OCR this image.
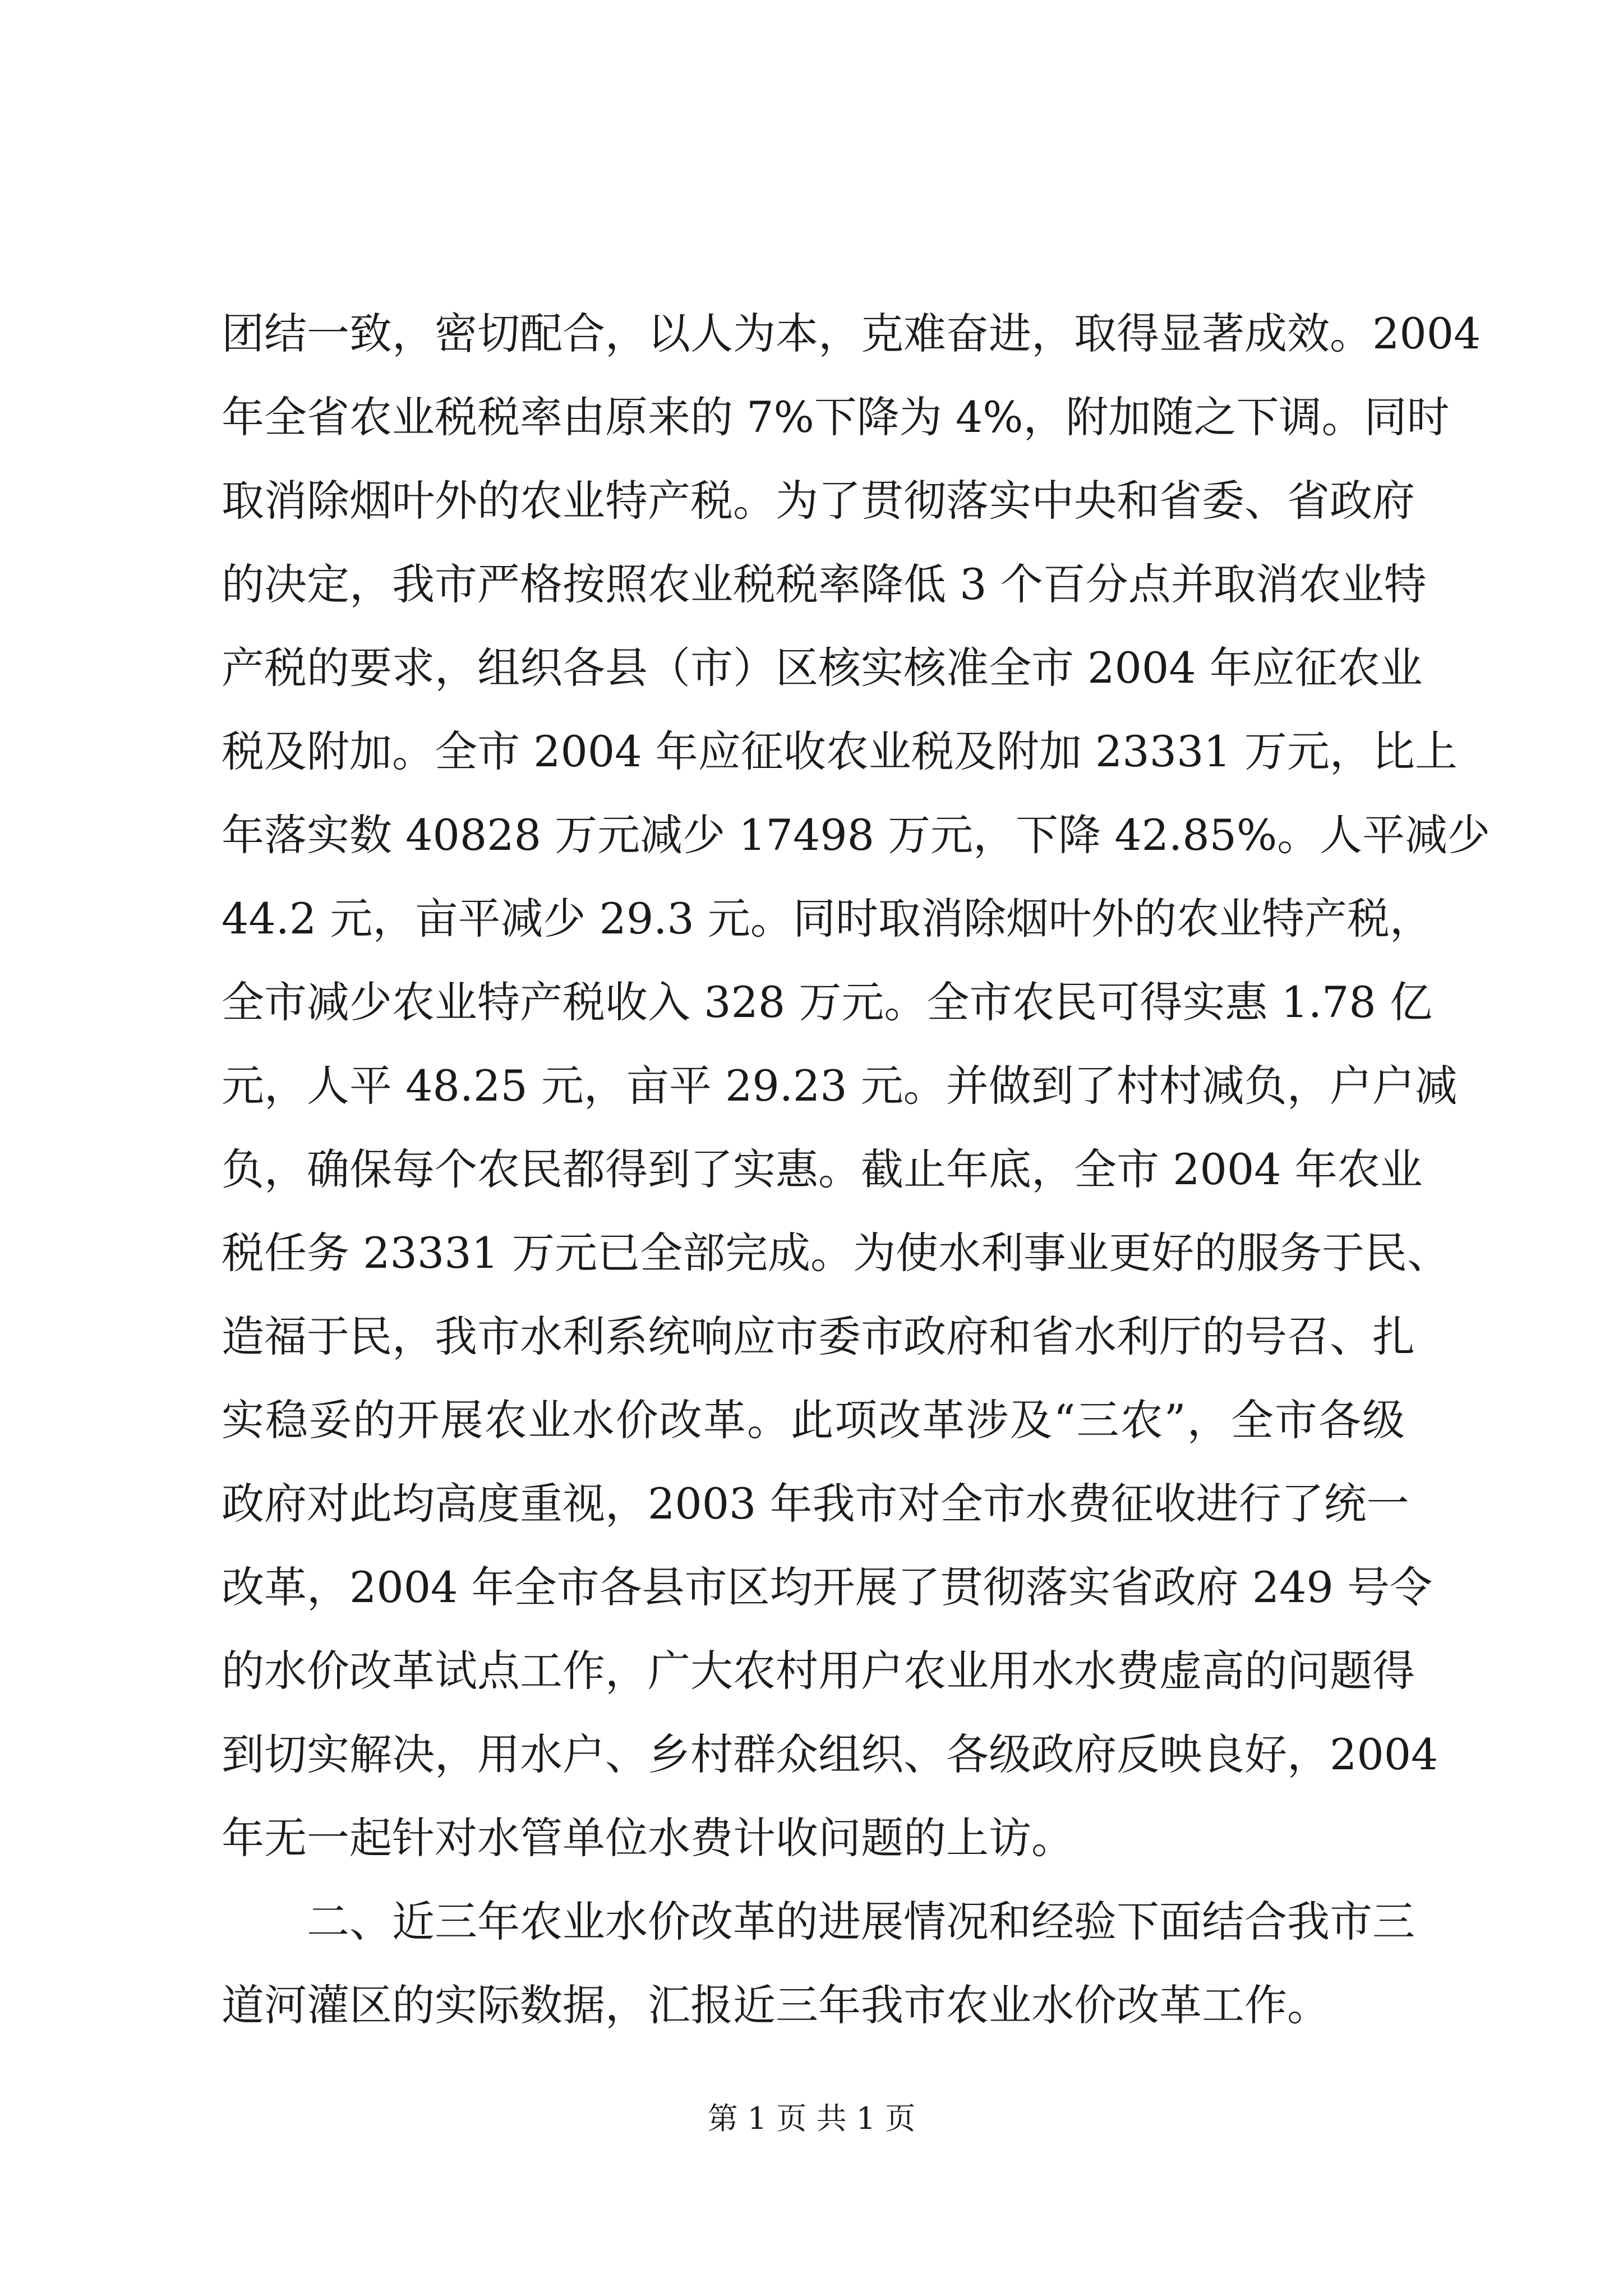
团结一致，密切配合，以人为本，克难奋进，取得显著成效。2004
年全省农业税税率由原来的 7%下降为 4%，附加随之下调。同时
取消除烟叶外的农业特产税。为了贯彻落实中央和省委、省政府
的决定，我市严格按照农业税税率降低 3 个百分点并取消农业特
产税的要求，组织各县（市）区核实核准全市 2004 年应征农业
税及附加。全市 2004 年应征收农业税及附加 23331 万元，比上
年落实数 40828 万元减少 17498 万元，下降 42.85%。人平减少
44.2 元，亩平减少 29.3 元。同时取消除烟叶外的农业特产税，
全市减少农业特产税收入 328 万元。全市农民可得实惠 1.78 亿
元，人平 48.25 元，亩平 29.23 元。并做到了村村减负，户户减
负，确保每个农民都得到了实惠。截止年底，全市 2004 年农业
税任务 23331 万元已全部完成。为使水利事业更好的服务于民、
造福于民，我市水利系统响应市委市政府和省水利厅的号召、扎
实稳妥的开展农业水价改革。此项改革涉及“三农”，全市各级
政府对此均高度重视，2003 年我市对全市水费征收进行了统一
改革，2004 年全市各县市区均开展了贯彻落实省政府 249 号令
的水价改革试点工作，广大农村用户农业用水水费虚高的问题得
到切实解决，用水户、乡村群众组织、各级政府反映良好，2004
年无一起针对水管单位水费计收问题的上访。
二、近三年农业水价改革的进展情况和经验下面结合我市三
道河灌区的实际数据，汇报近三年我市农业水价改革工作。
第 1 页 共 1 页
